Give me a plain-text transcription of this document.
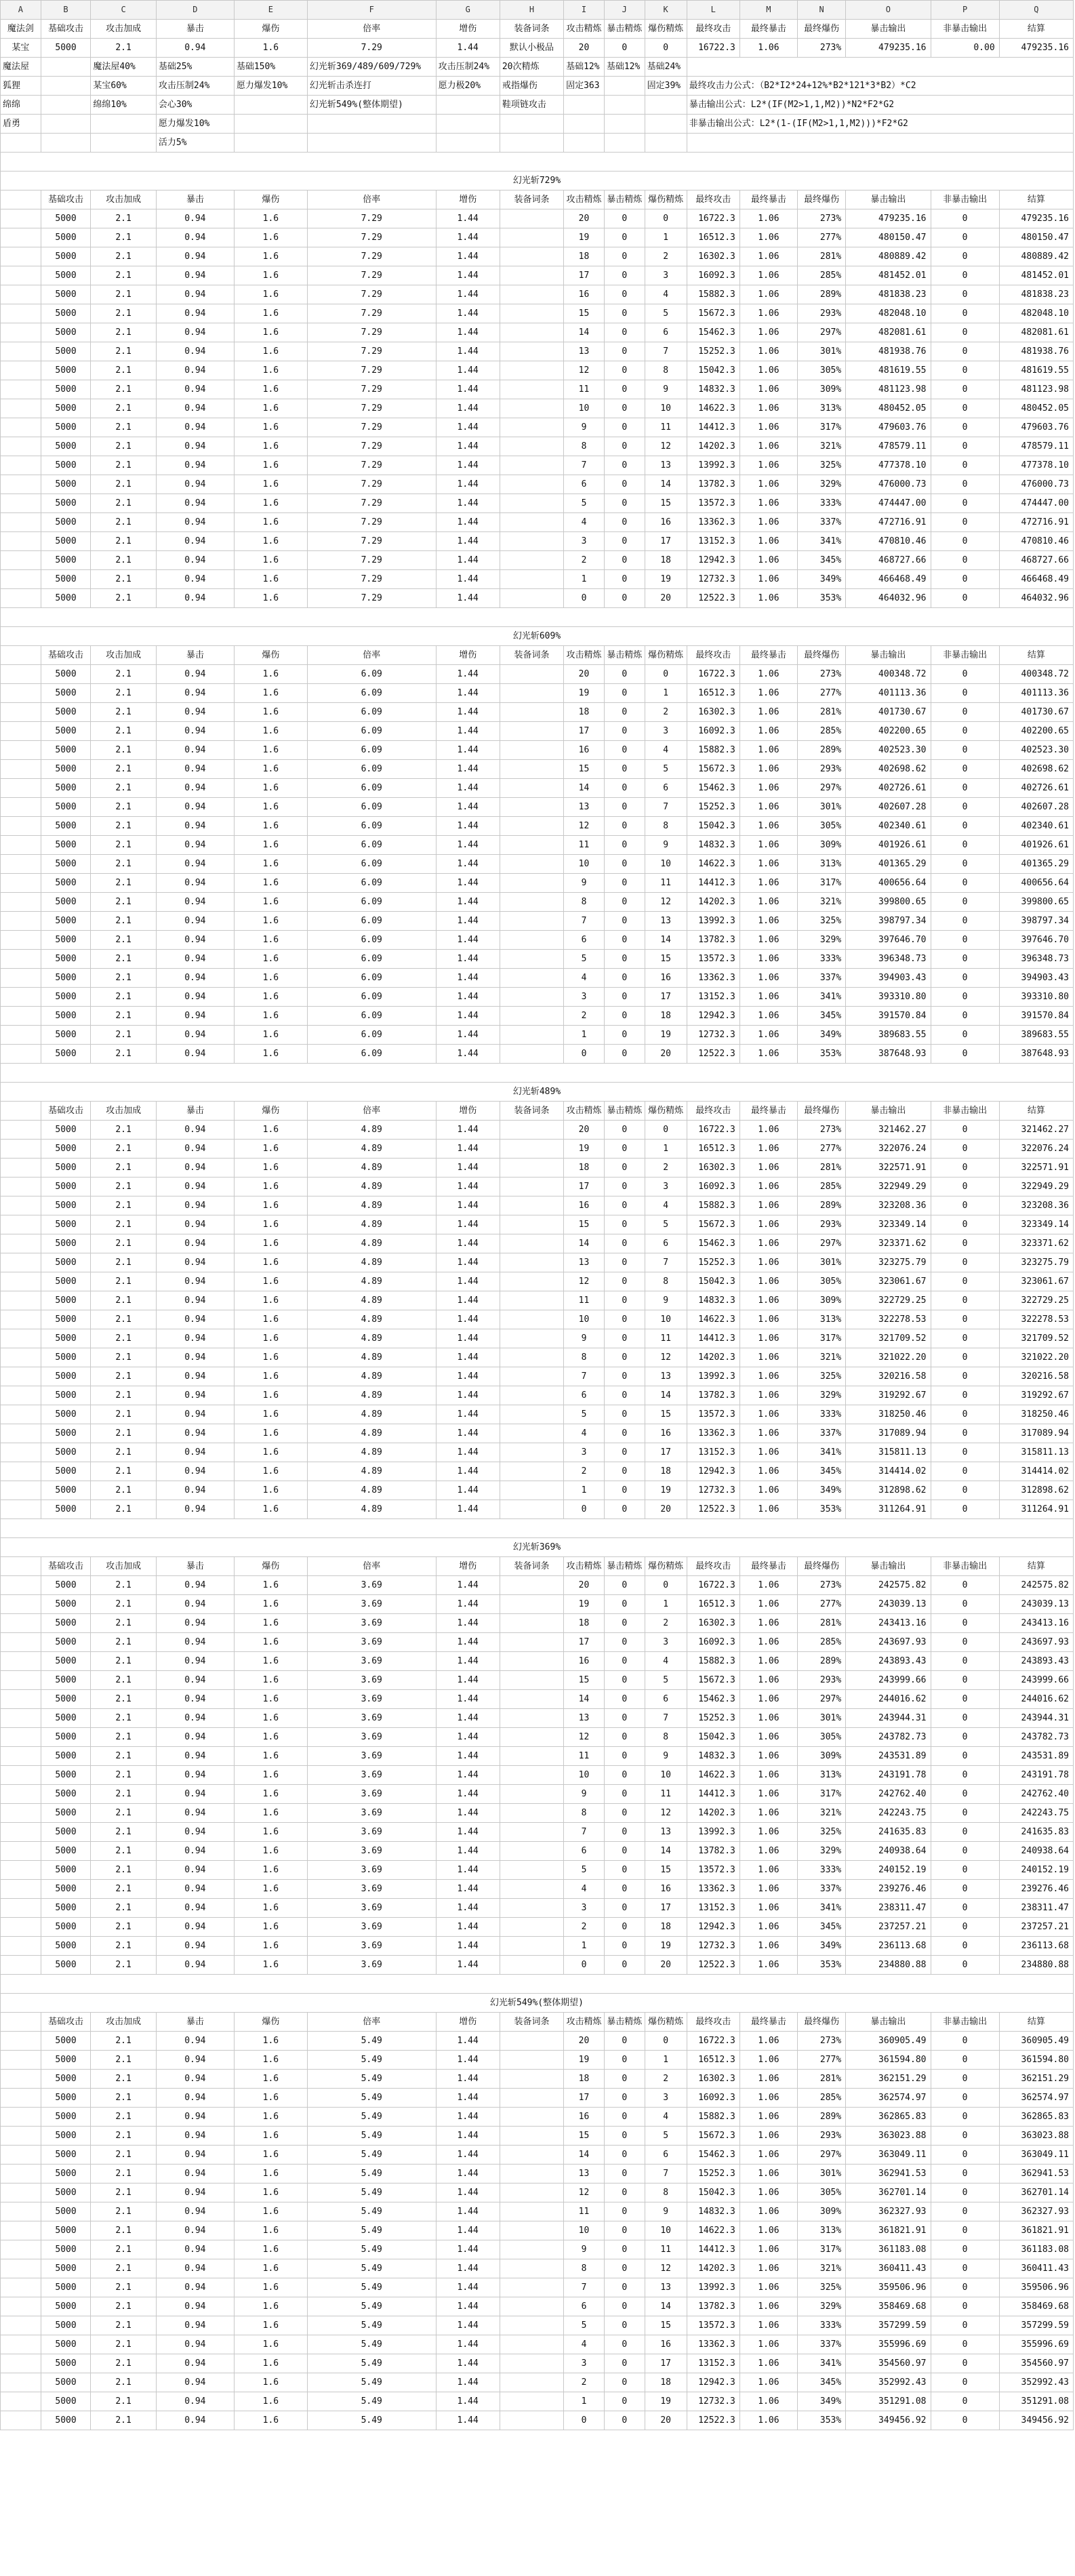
A	B	C	D	E	F	G	H	I	J	K	L	M	N	O	P	Q
魔法剑	基础攻击	攻击加成	暴击	爆伤	倍率	增伤	装备词条	攻击精炼	暴击精炼	爆伤精炼	最终攻击	最终暴击	最终爆伤	暴击输出	非暴击输出	结算
某宝	5000	2.1	0.94	1.6	7.29	1.44	默认小极品	20	0	0	16722.3	1.06	273%	479235.16	0.00	479235.16
魔法屋		魔法屋40%	基础25%	基础150%	幻光斩369/489/609/729%	攻击压制24%	20次精炼	基础12%	基础12%	基础24%						
狐狸		某宝60%	攻击压制24%	愿力爆发10%	幻光斩击杀连打	愿力极20%	戒指爆伤	固定363		固定39%	最终攻击力公式：（B2*I2*24+12%*B2*121*3*B2）*C2					
绵绵		绵绵10%	会心30%		幻光斩549%(整体期望)		鞋项链攻击				暴击输出公式：L2*(IF(M2>1,1,M2))*N2*F2*G2					
盾勇			愿力爆发10%								非暴击输出公式：L2*(1-(IF(M2>1,1,M2)))*F2*G2					
			活力5%													

幻光斩729%																
	基础攻击	攻击加成	暴击	爆伤	倍率	增伤	装备词条	攻击精炼	暴击精炼	爆伤精炼	最终攻击	最终暴击	最终爆伤	暴击输出	非暴击输出	结算
	5000	2.1	0.94	1.6	7.29	1.44		20	0	0	16722.3	1.06	273%	479235.16	0	479235.16
	5000	2.1	0.94	1.6	7.29	1.44		19	0	1	16512.3	1.06	277%	480150.47	0	480150.47
	5000	2.1	0.94	1.6	7.29	1.44		18	0	2	16302.3	1.06	281%	480889.42	0	480889.42
	5000	2.1	0.94	1.6	7.29	1.44		17	0	3	16092.3	1.06	285%	481452.01	0	481452.01
	5000	2.1	0.94	1.6	7.29	1.44		16	0	4	15882.3	1.06	289%	481838.23	0	481838.23
	5000	2.1	0.94	1.6	7.29	1.44		15	0	5	15672.3	1.06	293%	482048.10	0	482048.10
	5000	2.1	0.94	1.6	7.29	1.44		14	0	6	15462.3	1.06	297%	482081.61	0	482081.61
	5000	2.1	0.94	1.6	7.29	1.44		13	0	7	15252.3	1.06	301%	481938.76	0	481938.76
	5000	2.1	0.94	1.6	7.29	1.44		12	0	8	15042.3	1.06	305%	481619.55	0	481619.55
	5000	2.1	0.94	1.6	7.29	1.44		11	0	9	14832.3	1.06	309%	481123.98	0	481123.98
	5000	2.1	0.94	1.6	7.29	1.44		10	0	10	14622.3	1.06	313%	480452.05	0	480452.05
	5000	2.1	0.94	1.6	7.29	1.44		9	0	11	14412.3	1.06	317%	479603.76	0	479603.76
	5000	2.1	0.94	1.6	7.29	1.44		8	0	12	14202.3	1.06	321%	478579.11	0	478579.11
	5000	2.1	0.94	1.6	7.29	1.44		7	0	13	13992.3	1.06	325%	477378.10	0	477378.10
	5000	2.1	0.94	1.6	7.29	1.44		6	0	14	13782.3	1.06	329%	476000.73	0	476000.73
	5000	2.1	0.94	1.6	7.29	1.44		5	0	15	13572.3	1.06	333%	474447.00	0	474447.00
	5000	2.1	0.94	1.6	7.29	1.44		4	0	16	13362.3	1.06	337%	472716.91	0	472716.91
	5000	2.1	0.94	1.6	7.29	1.44		3	0	17	13152.3	1.06	341%	470810.46	0	470810.46
	5000	2.1	0.94	1.6	7.29	1.44		2	0	18	12942.3	1.06	345%	468727.66	0	468727.66
	5000	2.1	0.94	1.6	7.29	1.44		1	0	19	12732.3	1.06	349%	466468.49	0	466468.49
	5000	2.1	0.94	1.6	7.29	1.44		0	0	20	12522.3	1.06	353%	464032.96	0	464032.96

幻光斩609%																
	基础攻击	攻击加成	暴击	爆伤	倍率	增伤	装备词条	攻击精炼	暴击精炼	爆伤精炼	最终攻击	最终暴击	最终爆伤	暴击输出	非暴击输出	结算
	5000	2.1	0.94	1.6	6.09	1.44		20	0	0	16722.3	1.06	273%	400348.72	0	400348.72
	5000	2.1	0.94	1.6	6.09	1.44		19	0	1	16512.3	1.06	277%	401113.36	0	401113.36
	5000	2.1	0.94	1.6	6.09	1.44		18	0	2	16302.3	1.06	281%	401730.67	0	401730.67
	5000	2.1	0.94	1.6	6.09	1.44		17	0	3	16092.3	1.06	285%	402200.65	0	402200.65
	5000	2.1	0.94	1.6	6.09	1.44		16	0	4	15882.3	1.06	289%	402523.30	0	402523.30
	5000	2.1	0.94	1.6	6.09	1.44		15	0	5	15672.3	1.06	293%	402698.62	0	402698.62
	5000	2.1	0.94	1.6	6.09	1.44		14	0	6	15462.3	1.06	297%	402726.61	0	402726.61
	5000	2.1	0.94	1.6	6.09	1.44		13	0	7	15252.3	1.06	301%	402607.28	0	402607.28
	5000	2.1	0.94	1.6	6.09	1.44		12	0	8	15042.3	1.06	305%	402340.61	0	402340.61
	5000	2.1	0.94	1.6	6.09	1.44		11	0	9	14832.3	1.06	309%	401926.61	0	401926.61
	5000	2.1	0.94	1.6	6.09	1.44		10	0	10	14622.3	1.06	313%	401365.29	0	401365.29
	5000	2.1	0.94	1.6	6.09	1.44		9	0	11	14412.3	1.06	317%	400656.64	0	400656.64
	5000	2.1	0.94	1.6	6.09	1.44		8	0	12	14202.3	1.06	321%	399800.65	0	399800.65
	5000	2.1	0.94	1.6	6.09	1.44		7	0	13	13992.3	1.06	325%	398797.34	0	398797.34
	5000	2.1	0.94	1.6	6.09	1.44		6	0	14	13782.3	1.06	329%	397646.70	0	397646.70
	5000	2.1	0.94	1.6	6.09	1.44		5	0	15	13572.3	1.06	333%	396348.73	0	396348.73
	5000	2.1	0.94	1.6	6.09	1.44		4	0	16	13362.3	1.06	337%	394903.43	0	394903.43
	5000	2.1	0.94	1.6	6.09	1.44		3	0	17	13152.3	1.06	341%	393310.80	0	393310.80
	5000	2.1	0.94	1.6	6.09	1.44		2	0	18	12942.3	1.06	345%	391570.84	0	391570.84
	5000	2.1	0.94	1.6	6.09	1.44		1	0	19	12732.3	1.06	349%	389683.55	0	389683.55
	5000	2.1	0.94	1.6	6.09	1.44		0	0	20	12522.3	1.06	353%	387648.93	0	387648.93

幻光斩489%																
	基础攻击	攻击加成	暴击	爆伤	倍率	增伤	装备词条	攻击精炼	暴击精炼	爆伤精炼	最终攻击	最终暴击	最终爆伤	暴击输出	非暴击输出	结算
	5000	2.1	0.94	1.6	4.89	1.44		20	0	0	16722.3	1.06	273%	321462.27	0	321462.27
	5000	2.1	0.94	1.6	4.89	1.44		19	0	1	16512.3	1.06	277%	322076.24	0	322076.24
	5000	2.1	0.94	1.6	4.89	1.44		18	0	2	16302.3	1.06	281%	322571.91	0	322571.91
	5000	2.1	0.94	1.6	4.89	1.44		17	0	3	16092.3	1.06	285%	322949.29	0	322949.29
	5000	2.1	0.94	1.6	4.89	1.44		16	0	4	15882.3	1.06	289%	323208.36	0	323208.36
	5000	2.1	0.94	1.6	4.89	1.44		15	0	5	15672.3	1.06	293%	323349.14	0	323349.14
	5000	2.1	0.94	1.6	4.89	1.44		14	0	6	15462.3	1.06	297%	323371.62	0	323371.62
	5000	2.1	0.94	1.6	4.89	1.44		13	0	7	15252.3	1.06	301%	323275.79	0	323275.79
	5000	2.1	0.94	1.6	4.89	1.44		12	0	8	15042.3	1.06	305%	323061.67	0	323061.67
	5000	2.1	0.94	1.6	4.89	1.44		11	0	9	14832.3	1.06	309%	322729.25	0	322729.25
	5000	2.1	0.94	1.6	4.89	1.44		10	0	10	14622.3	1.06	313%	322278.53	0	322278.53
	5000	2.1	0.94	1.6	4.89	1.44		9	0	11	14412.3	1.06	317%	321709.52	0	321709.52
	5000	2.1	0.94	1.6	4.89	1.44		8	0	12	14202.3	1.06	321%	321022.20	0	321022.20
	5000	2.1	0.94	1.6	4.89	1.44		7	0	13	13992.3	1.06	325%	320216.58	0	320216.58
	5000	2.1	0.94	1.6	4.89	1.44		6	0	14	13782.3	1.06	329%	319292.67	0	319292.67
	5000	2.1	0.94	1.6	4.89	1.44		5	0	15	13572.3	1.06	333%	318250.46	0	318250.46
	5000	2.1	0.94	1.6	4.89	1.44		4	0	16	13362.3	1.06	337%	317089.94	0	317089.94
	5000	2.1	0.94	1.6	4.89	1.44		3	0	17	13152.3	1.06	341%	315811.13	0	315811.13
	5000	2.1	0.94	1.6	4.89	1.44		2	0	18	12942.3	1.06	345%	314414.02	0	314414.02
	5000	2.1	0.94	1.6	4.89	1.44		1	0	19	12732.3	1.06	349%	312898.62	0	312898.62
	5000	2.1	0.94	1.6	4.89	1.44		0	0	20	12522.3	1.06	353%	311264.91	0	311264.91

幻光斩369%																
	基础攻击	攻击加成	暴击	爆伤	倍率	增伤	装备词条	攻击精炼	暴击精炼	爆伤精炼	最终攻击	最终暴击	最终爆伤	暴击输出	非暴击输出	结算
	5000	2.1	0.94	1.6	3.69	1.44		20	0	0	16722.3	1.06	273%	242575.82	0	242575.82
	5000	2.1	0.94	1.6	3.69	1.44		19	0	1	16512.3	1.06	277%	243039.13	0	243039.13
	5000	2.1	0.94	1.6	3.69	1.44		18	0	2	16302.3	1.06	281%	243413.16	0	243413.16
	5000	2.1	0.94	1.6	3.69	1.44		17	0	3	16092.3	1.06	285%	243697.93	0	243697.93
	5000	2.1	0.94	1.6	3.69	1.44		16	0	4	15882.3	1.06	289%	243893.43	0	243893.43
	5000	2.1	0.94	1.6	3.69	1.44		15	0	5	15672.3	1.06	293%	243999.66	0	243999.66
	5000	2.1	0.94	1.6	3.69	1.44		14	0	6	15462.3	1.06	297%	244016.62	0	244016.62
	5000	2.1	0.94	1.6	3.69	1.44		13	0	7	15252.3	1.06	301%	243944.31	0	243944.31
	5000	2.1	0.94	1.6	3.69	1.44		12	0	8	15042.3	1.06	305%	243782.73	0	243782.73
	5000	2.1	0.94	1.6	3.69	1.44		11	0	9	14832.3	1.06	309%	243531.89	0	243531.89
	5000	2.1	0.94	1.6	3.69	1.44		10	0	10	14622.3	1.06	313%	243191.78	0	243191.78
	5000	2.1	0.94	1.6	3.69	1.44		9	0	11	14412.3	1.06	317%	242762.40	0	242762.40
	5000	2.1	0.94	1.6	3.69	1.44		8	0	12	14202.3	1.06	321%	242243.75	0	242243.75
	5000	2.1	0.94	1.6	3.69	1.44		7	0	13	13992.3	1.06	325%	241635.83	0	241635.83
	5000	2.1	0.94	1.6	3.69	1.44		6	0	14	13782.3	1.06	329%	240938.64	0	240938.64
	5000	2.1	0.94	1.6	3.69	1.44		5	0	15	13572.3	1.06	333%	240152.19	0	240152.19
	5000	2.1	0.94	1.6	3.69	1.44		4	0	16	13362.3	1.06	337%	239276.46	0	239276.46
	5000	2.1	0.94	1.6	3.69	1.44		3	0	17	13152.3	1.06	341%	238311.47	0	238311.47
	5000	2.1	0.94	1.6	3.69	1.44		2	0	18	12942.3	1.06	345%	237257.21	0	237257.21
	5000	2.1	0.94	1.6	3.69	1.44		1	0	19	12732.3	1.06	349%	236113.68	0	236113.68
	5000	2.1	0.94	1.6	3.69	1.44		0	0	20	12522.3	1.06	353%	234880.88	0	234880.88

幻光斩549%(整体期望)																
	基础攻击	攻击加成	暴击	爆伤	倍率	增伤	装备词条	攻击精炼	暴击精炼	爆伤精炼	最终攻击	最终暴击	最终爆伤	暴击输出	非暴击输出	结算
	5000	2.1	0.94	1.6	5.49	1.44		20	0	0	16722.3	1.06	273%	360905.49	0	360905.49
	5000	2.1	0.94	1.6	5.49	1.44		19	0	1	16512.3	1.06	277%	361594.80	0	361594.80
	5000	2.1	0.94	1.6	5.49	1.44		18	0	2	16302.3	1.06	281%	362151.29	0	362151.29
	5000	2.1	0.94	1.6	5.49	1.44		17	0	3	16092.3	1.06	285%	362574.97	0	362574.97
	5000	2.1	0.94	1.6	5.49	1.44		16	0	4	15882.3	1.06	289%	362865.83	0	362865.83
	5000	2.1	0.94	1.6	5.49	1.44		15	0	5	15672.3	1.06	293%	363023.88	0	363023.88
	5000	2.1	0.94	1.6	5.49	1.44		14	0	6	15462.3	1.06	297%	363049.11	0	363049.11
	5000	2.1	0.94	1.6	5.49	1.44		13	0	7	15252.3	1.06	301%	362941.53	0	362941.53
	5000	2.1	0.94	1.6	5.49	1.44		12	0	8	15042.3	1.06	305%	362701.14	0	362701.14
	5000	2.1	0.94	1.6	5.49	1.44		11	0	9	14832.3	1.06	309%	362327.93	0	362327.93
	5000	2.1	0.94	1.6	5.49	1.44		10	0	10	14622.3	1.06	313%	361821.91	0	361821.91
	5000	2.1	0.94	1.6	5.49	1.44		9	0	11	14412.3	1.06	317%	361183.08	0	361183.08
	5000	2.1	0.94	1.6	5.49	1.44		8	0	12	14202.3	1.06	321%	360411.43	0	360411.43
	5000	2.1	0.94	1.6	5.49	1.44		7	0	13	13992.3	1.06	325%	359506.96	0	359506.96
	5000	2.1	0.94	1.6	5.49	1.44		6	0	14	13782.3	1.06	329%	358469.68	0	358469.68
	5000	2.1	0.94	1.6	5.49	1.44		5	0	15	13572.3	1.06	333%	357299.59	0	357299.59
	5000	2.1	0.94	1.6	5.49	1.44		4	0	16	13362.3	1.06	337%	355996.69	0	355996.69
	5000	2.1	0.94	1.6	5.49	1.44		3	0	17	13152.3	1.06	341%	354560.97	0	354560.97
	5000	2.1	0.94	1.6	5.49	1.44		2	0	18	12942.3	1.06	345%	352992.43	0	352992.43
	5000	2.1	0.94	1.6	5.49	1.44		1	0	19	12732.3	1.06	349%	351291.08	0	351291.08
	5000	2.1	0.94	1.6	5.49	1.44		0	0	20	12522.3	1.06	353%	349456.92	0	349456.92
